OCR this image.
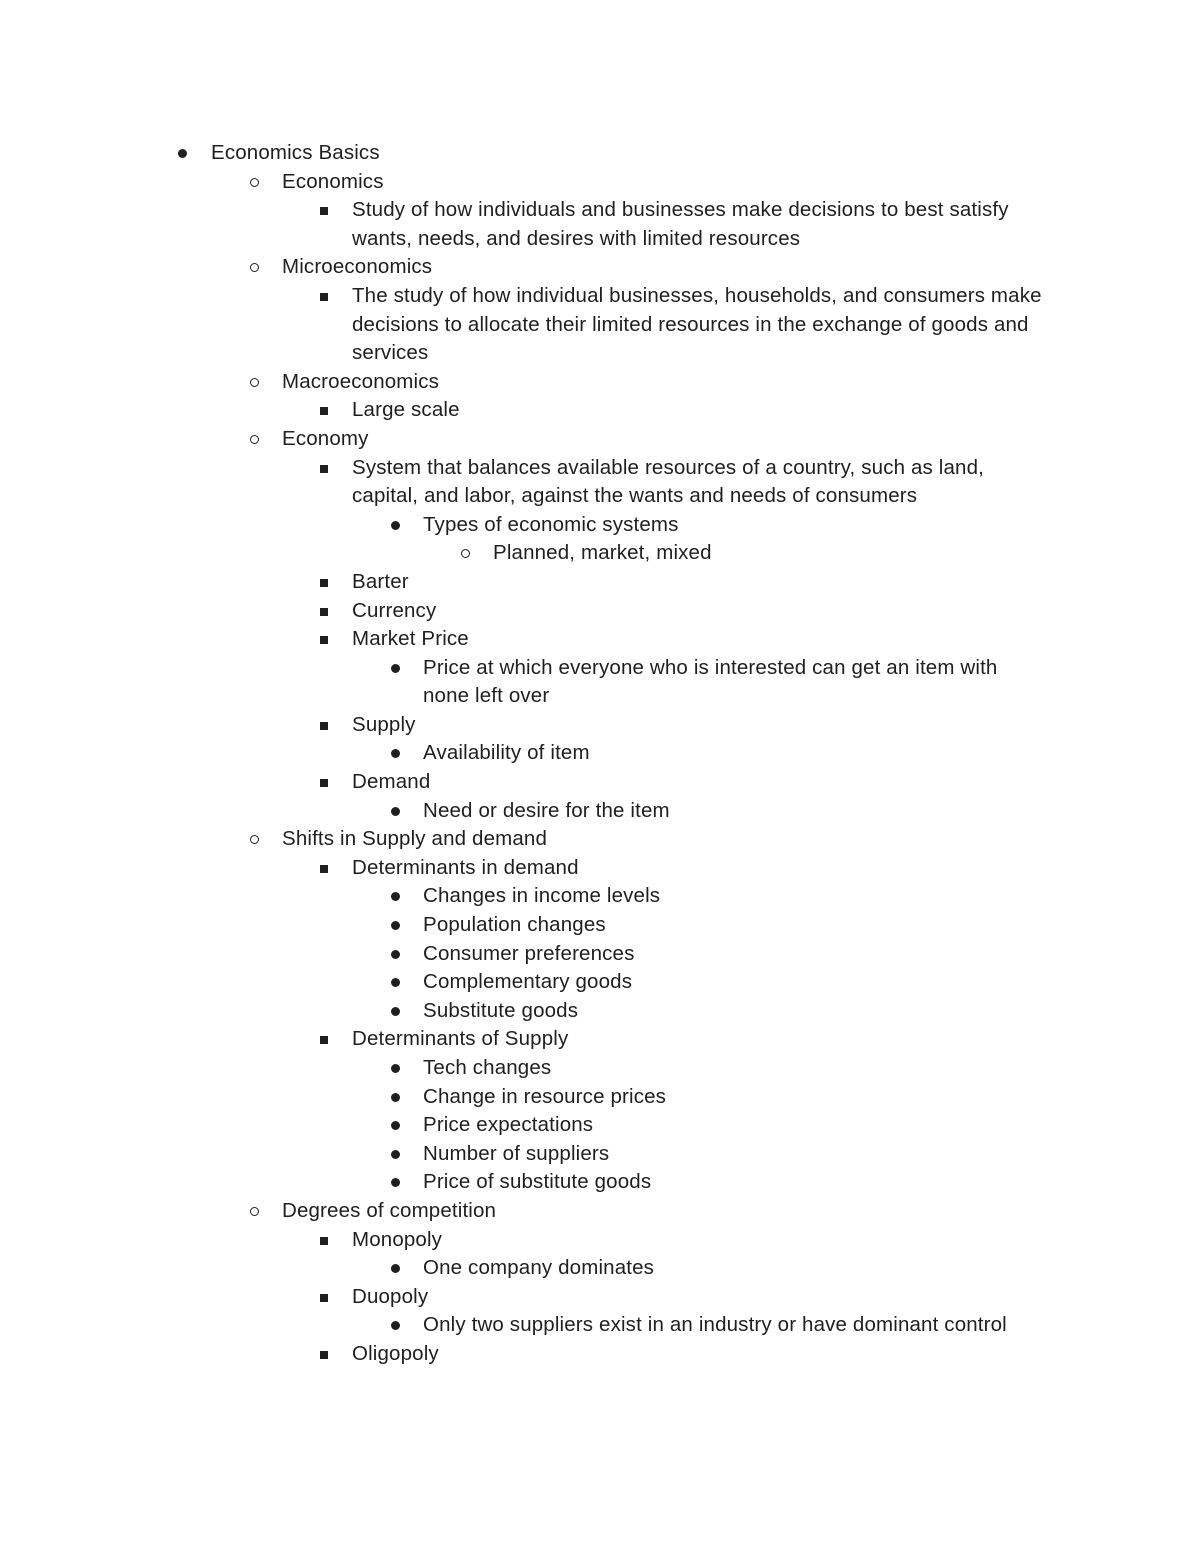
Economics Basics
Economics
Study of how individuals and businesses make decisions to best satisfy wants, needs, and desires with limited resources
Microeconomics
The study of how individual businesses, households, and consumers make decisions to allocate their limited resources in the exchange of goods and services
Macroeconomics
Large scale
Economy
System that balances available resources of a country, such as land, capital, and labor, against the wants and needs of consumers
Types of economic systems
Planned, market, mixed
Barter
Currency
Market Price
Price at which everyone who is interested can get an item with none left over
Supply
Availability of item
Demand
Need or desire for the item
Shifts in Supply and demand
Determinants in demand
Changes in income levels
Population changes
Consumer preferences
Complementary goods
Substitute goods
Determinants of Supply
Tech changes
Change in resource prices
Price expectations
Number of suppliers
Price of substitute goods
Degrees of competition
Monopoly
One company dominates
Duopoly
Only two suppliers exist in an industry or have dominant control
Oligopoly
